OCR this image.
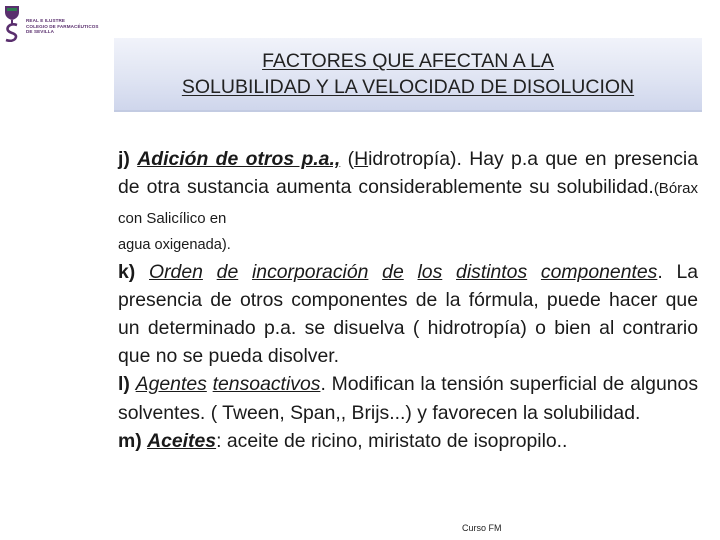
REAL E ILUSTRE
COLEGIO DE FARMACÉUTICOS
DE SEVILLA
FACTORES QUE AFECTAN A LA
SOLUBILIDAD Y LA VELOCIDAD DE DISOLUCION

j) Adición de otros p.a., (Hidrotropía). Hay p.a que en presencia de otra sustancia aumenta considerablemente su solubilidad.(Bórax con Salicílico en

agua oxigenada).

k) Orden de incorporación de los distintos componentes. La presencia de otros componentes de la fórmula, puede hacer que un determinado p.a. se disuelva ( hidrotropía) o bien al contrario que no se pueda disolver.

l) Agentes tensoactivos. Modifican la tensión superficial de algunos solventes. ( Tween, Span,, Brijs...) y favorecen la solubilidad.

m) Aceites: aceite de ricino, miristato de isopropilo..

Curso FM
